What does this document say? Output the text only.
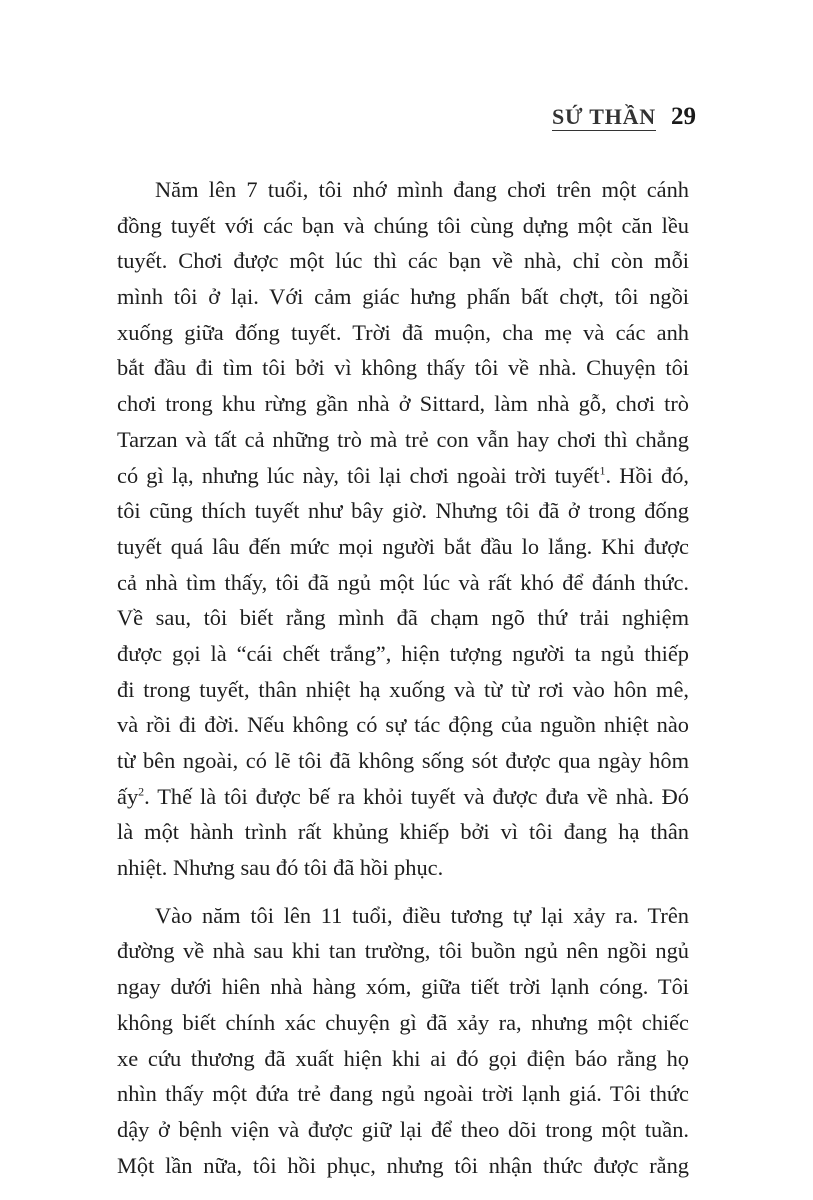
SỨ THẦN 29
Năm lên 7 tuổi, tôi nhớ mình đang chơi trên một cánh
đồng tuyết với các bạn và chúng tôi cùng dựng một căn lều
tuyết. Chơi được một lúc thì các bạn về nhà, chỉ còn mỗi
mình tôi ở lại. Với cảm giác hưng phấn bất chợt, tôi ngồi
xuống giữa đống tuyết. Trời đã muộn, cha mẹ và các anh
bắt đầu đi tìm tôi bởi vì không thấy tôi về nhà. Chuyện tôi
chơi trong khu rừng gần nhà ở Sittard, làm nhà gỗ, chơi trò
Tarzan và tất cả những trò mà trẻ con vẫn hay chơi thì chẳng
có gì lạ, nhưng lúc này, tôi lại chơi ngoài trời tuyết$^1$. Hồi đó,
tôi cũng thích tuyết như bây giờ. Nhưng tôi đã ở trong đống
tuyết quá lâu đến mức mọi người bắt đầu lo lắng. Khi được
cả nhà tìm thấy, tôi đã ngủ một lúc và rất khó để đánh thức.
Về sau, tôi biết rằng mình đã chạm ngõ thứ trải nghiệm
được gọi là “cái chết trắng”, hiện tượng người ta ngủ thiếp
đi trong tuyết, thân nhiệt hạ xuống và từ từ rơi vào hôn mê,
và rồi đi đời. Nếu không có sự tác động của nguồn nhiệt nào
từ bên ngoài, có lẽ tôi đã không sống sót được qua ngày hôm
ấy$^2$. Thế là tôi được bế ra khỏi tuyết và được đưa về nhà. Đó
là một hành trình rất khủng khiếp bởi vì tôi đang hạ thân
nhiệt. Nhưng sau đó tôi đã hồi phục.
Vào năm tôi lên 11 tuổi, điều tương tự lại xảy ra. Trên
đường về nhà sau khi tan trường, tôi buồn ngủ nên ngồi ngủ
ngay dưới hiên nhà hàng xóm, giữa tiết trời lạnh cóng. Tôi
không biết chính xác chuyện gì đã xảy ra, nhưng một chiếc
xe cứu thương đã xuất hiện khi ai đó gọi điện báo rằng họ
nhìn thấy một đứa trẻ đang ngủ ngoài trời lạnh giá. Tôi thức
dậy ở bệnh viện và được giữ lại để theo dõi trong một tuần.
Một lần nữa, tôi hồi phục, nhưng tôi nhận thức được rằng
